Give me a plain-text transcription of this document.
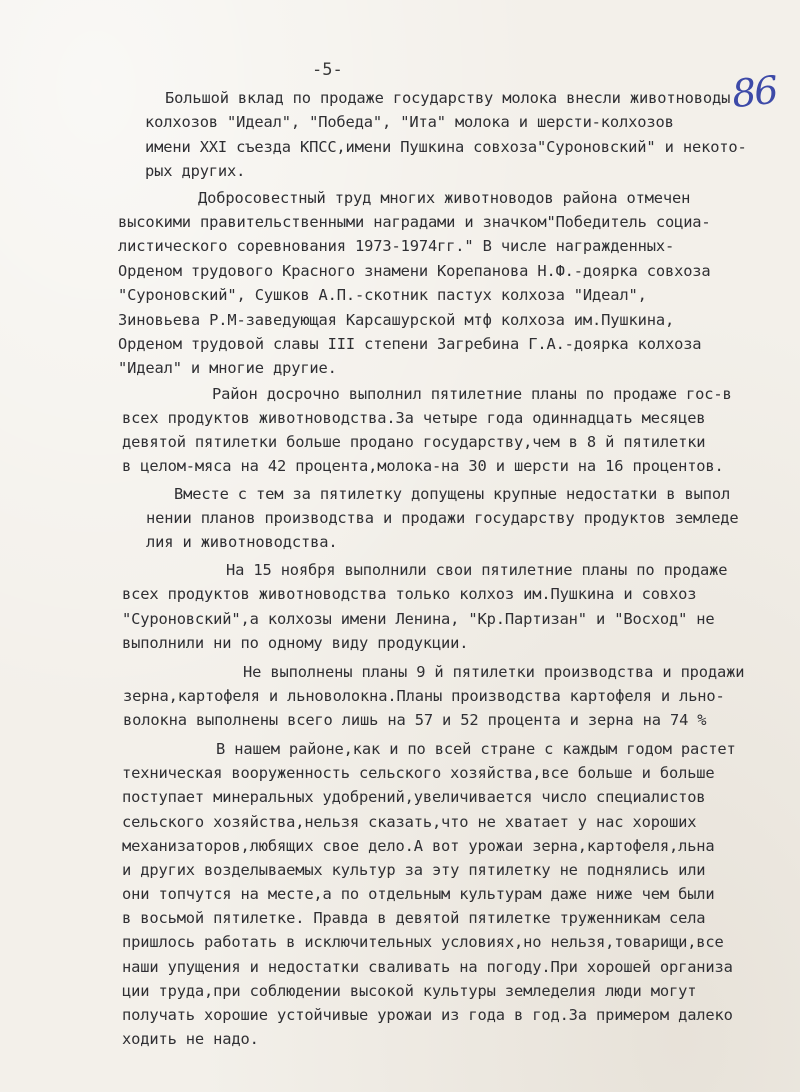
-5-	86
Большой вклад по продаже государству молока внесли животноводы
колхозов "Идеал", "Победа", "Ита" молока и шерсти-колхозов
имени XXI съезда КПСС,имени Пушкина совхоза"Суроновский" и некото-
рых других.
Добросовестный труд многих животноводов района отмечен
высокими правительственными наградами и значком"Победитель социа-
листического соревнования 1973-1974гг." В числе награжденных-
Орденом трудового Красного знамени Корепанова Н.Ф.-доярка совхоза
"Суроновский", Сушков А.П.-скотник пастух колхоза "Идеал",
Зиновьева Р.М-заведующая Карсашурской мтф колхоза им.Пушкина,
Орденом трудовой славы III степени Загребина Г.А.-доярка колхоза
"Идеал" и многие другие.
Район досрочно выполнил пятилетние планы по продаже гос-в
всех продуктов животноводства.За четыре года одиннадцать месяцев
девятой пятилетки больше продано государству,чем в 8 й пятилетки
в целом-мяса на 42 процента,молока-на 30 и шерсти на 16 процентов.
Вместе с тем за пятилетку допущены крупные недостатки в выпол
нении планов производства и продажи государству продуктов земледе
лия и животноводства.
На 15 ноября выполнили свои пятилетние планы по продаже
всех продуктов животноводства только колхоз им.Пушкина и совхоз
"Суроновский",а колхозы имени Ленина, "Кр.Партизан" и "Восход" не
выполнили ни по одному виду продукции.
Не выполнены планы 9 й пятилетки производства и продажи
зерна,картофеля и льноволокна.Планы производства картофеля и льно-
волокна выполнены всего лишь на 57 и 52 процента и зерна на 74 %
В нашем районе,как и по всей стране с каждым годом растет
техническая вооруженность сельского хозяйства,все больше и больше
поступает минеральных удобрений,увеличивается число специалистов
сельского хозяйства,нельзя сказать,что не хватает у нас хороших
механизаторов,любящих свое дело.А вот урожаи зерна,картофеля,льна
и других возделываемых культур за эту пятилетку не поднялись или
они топчутся на месте,а по отдельным культурам даже ниже чем были
в восьмой пятилетке. Правда в девятой пятилетке труженникам села
пришлось работать в исключительных условиях,но нельзя,товарищи,все
наши упущения и недостатки сваливать на погоду.При хорошей организа
ции труда,при соблюдении высокой культуры земледелия люди могут
получать хорошие устойчивые урожаи из года в год.За примером далеко
ходить не надо.
